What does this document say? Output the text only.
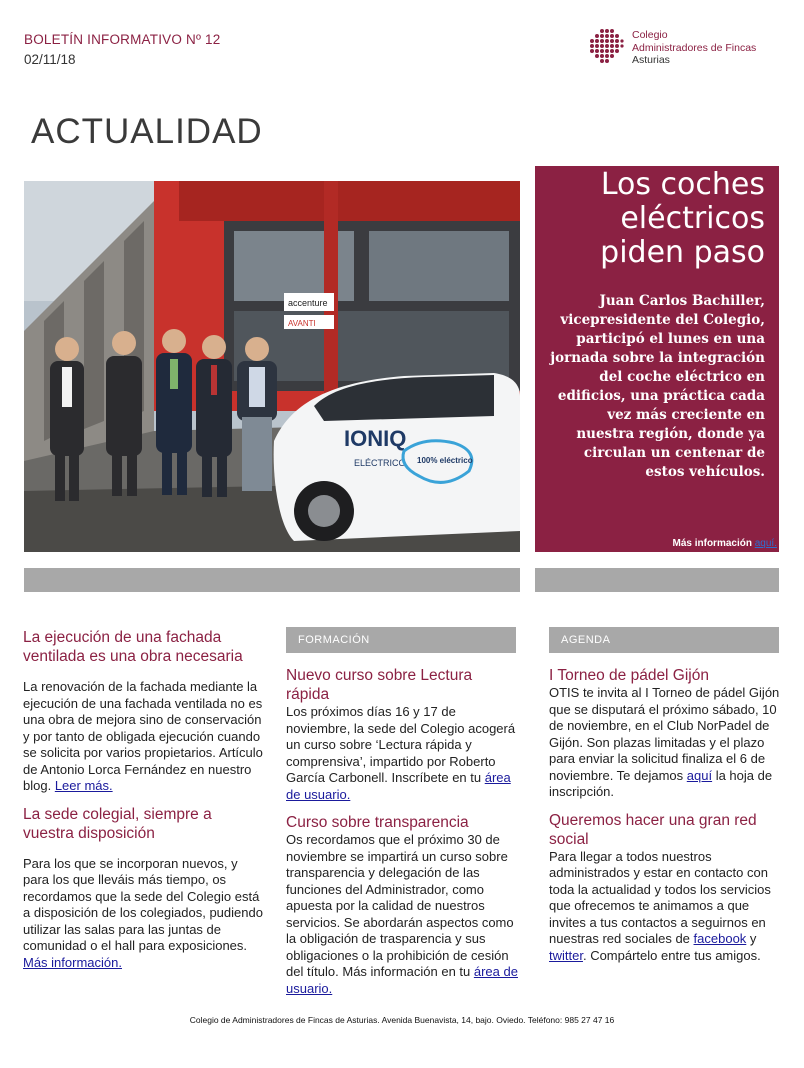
BOLETÍN INFORMATIVO Nº 12
02/11/18
Colegio
Administradores de Fincas
Asturias
ACTUALIDAD
accenture
AVANTI
IONIQ
ELÉCTRICO 100% eléctrico
Los coches eléctricos piden paso
Juan Carlos Bachiller, vicepresidente del Colegio, participó el lunes en una jornada sobre la integración del coche eléctrico en edificios, una práctica cada vez más creciente en nuestra región, donde ya circulan un centenar de estos vehículos.
Más información aquí.
FORMACIÓN	AGENDA
La ejecución de una fachada ventilada es una obra necesaria
La renovación de la fachada mediante la ejecución de una fachada ventilada no es una obra de mejora sino de conservación y por tanto de obligada ejecución cuando se solicita por varios propietarios. Artículo de Antonio Lorca Fernández en nuestro blog. Leer más.
La sede colegial, siempre a vuestra disposición
Para los que se incorporan nuevos, y para los que lleváis más tiempo, os recordamos que la sede del Colegio está a disposición de los colegiados, pudiendo utilizar las salas para las juntas de comunidad o el hall para exposiciones. Más información.
Nuevo curso sobre Lectura rápida
Los próximos días 16 y 17 de noviembre, la sede del Colegio acogerá un curso sobre ‘Lectura rápida y comprensiva’, impartido por Roberto García Carbonell. Inscríbete en tu área de usuario.
Curso sobre transparencia
Os recordamos que el próximo 30 de noviembre se impartirá un curso sobre transparencia y delegación de las funciones del Administrador, como apuesta por la calidad de nuestros servicios. Se abordarán aspectos como la obligación de trasparencia y sus obligaciones o la prohibición de cesión del título. Más información en tu área de usuario.
I Torneo de pádel Gijón
OTIS te invita al I Torneo de pádel Gijón que se disputará el próximo sábado, 10 de noviembre, en el Club NorPadel de Gijón. Son plazas limitadas y el plazo para enviar la solicitud finaliza el 6 de noviembre. Te dejamos aquí la hoja de inscripción.
Queremos hacer una gran red social
Para llegar a todos nuestros administrados y estar en contacto con toda la actualidad y todos los servicios que ofrecemos te animamos a que invites a tus contactos a seguirnos en nuestras red sociales de facebook y twitter. Compártelo entre tus amigos.
Colegio de Administradores de Fincas de Asturias. Avenida Buenavista, 14, bajo. Oviedo. Teléfono: 985 27 47 16
